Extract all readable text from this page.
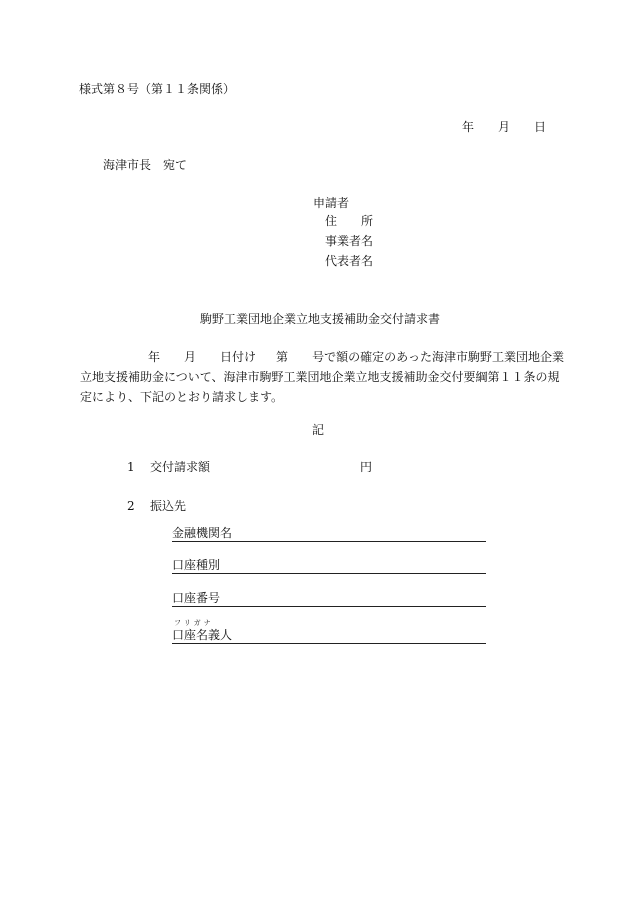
様式第８号（第１１条関係）
年 月 日
海津市長　宛て
申請者
住　　所
事業者名
代表者名
駒野工業団地企業立地支援補助金交付請求書
年 月 日付け 第 号で額の確定のあった海津市駒野工業団地企業
立地支援補助金について、海津市駒野工業団地企業立地支援補助金交付要綱第１１条の規
定により、下記のとおり請求します。
記
1 交付請求額	円
2 振込先
金融機関名
口座種別
口座番号
フリガナ
口座名義人
